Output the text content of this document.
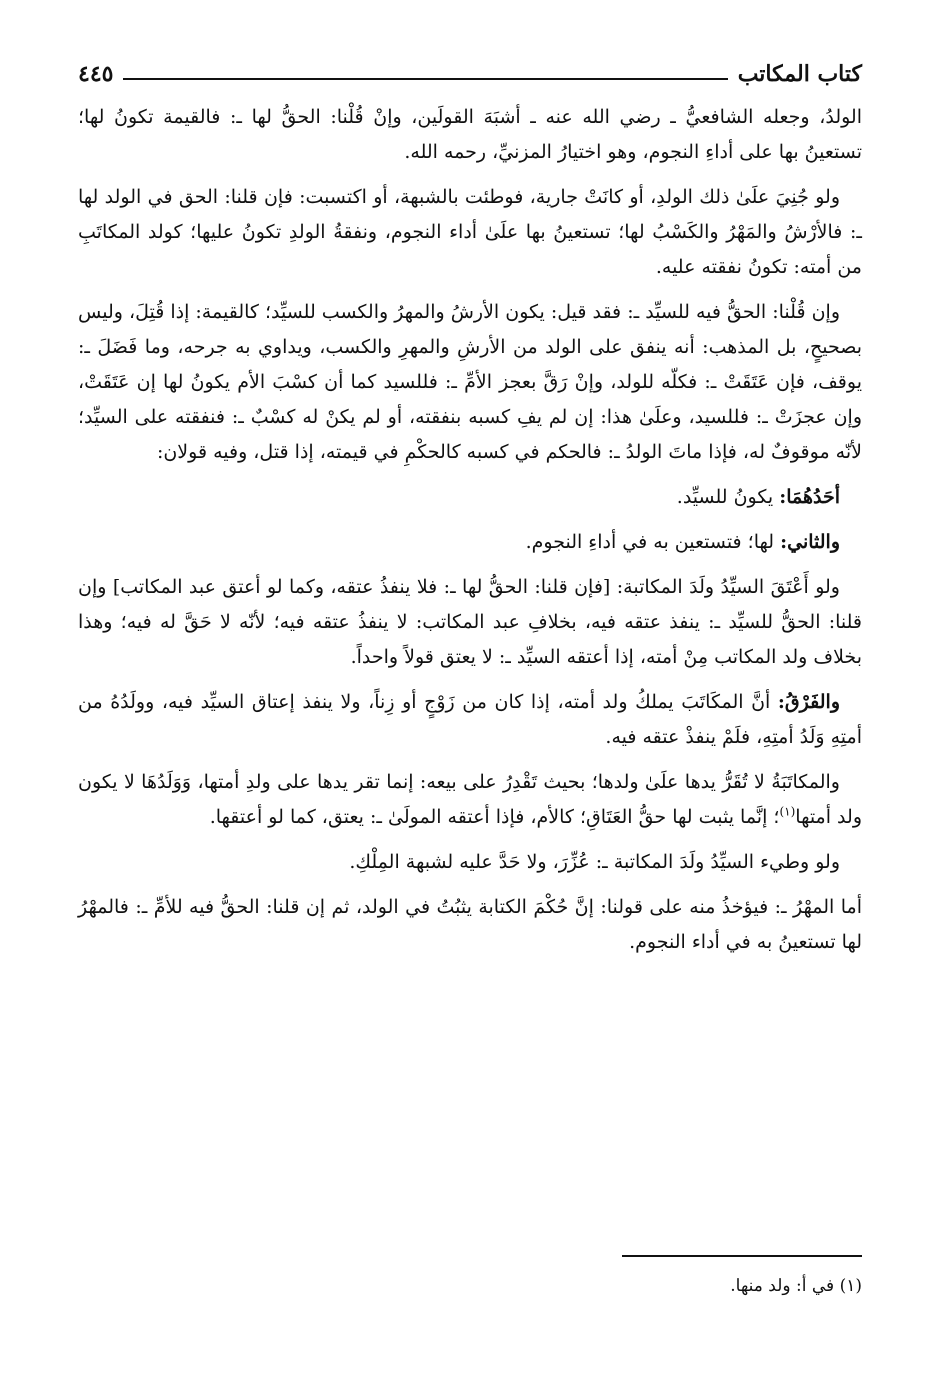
كتاب المكاتب
٤٤٥

الولدُ، وجعله الشافعيُّ ـ رضي الله عنه ـ أشبَهَ القولَين، وإنْ قُلْنا: الحقُّ لها ـ: فالقيمة تكونُ لها؛ تستعينُ بها على أداءِ النجوم، وهو اختيارُ المزنيِّ، رحمه الله.

ولو جُنِيَ علَىٰ ذلك الولدِ، أو كانَتْ جارية، فوطئت بالشبهة، أو اكتسبت: فإن قلنا: الحق في الولد لها ـ: فالأرْشُ والمَهْرُ والكَسْبُ لها؛ تستعينُ بها علَىٰ أداء النجوم، ونفقةُ الولدِ تكونُ عليها؛ كولد المكاتَبِ من أمته: تكونُ نفقته عليه.

وإن قُلْنا: الحقُّ فيه للسيِّد ـ: فقد قيل: يكون الأرشُ والمهرُ والكسب للسيِّد؛ كالقيمة: إذا قُتِلَ، وليس بصحيحٍ، بل المذهب: أنه ينفق على الولد من الأرشِ والمهرِ والكسب، ويداوي به جرحه، وما فَضَلَ ـ: يوقف، فإن عَتَقَتْ ـ: فكلّه للولد، وإنْ رَقَّ بعجز الأمِّ ـ: فللسيد كما أن كسْبَ الأم يكونُ لها إن عَتَقَتْ، وإن عجزَتْ ـ: فللسيد، وعلَىٰ هذا: إن لم يفِ كسبه بنفقته، أو لم يكنْ له كسْبٌ ـ: فنفقته على السيِّد؛ لأنّه موقوفٌ له، فإذا ماتَ الولدُ ـ: فالحكم في كسبه كالحكْمِ في قيمته، إذا قتل، وفيه قولان:

أحَدُهُمَا: يكونُ للسيِّد.

والثاني: لها؛ فتستعين به في أداءِ النجوم.

ولو أَعْتَقَ السيِّدُ ولَدَ المكاتبة: [فإن قلنا: الحقُّ لها ـ: فلا ينفذُ عتقه، وكما لو أعتق عبد المكاتب] وإن قلنا: الحقُّ للسيِّد ـ: ينفذ عتقه فيه، بخلافِ عبد المكاتب: لا ينفذُ عتقه فيه؛ لأنّه لا حَقَّ له فيه؛ وهذا بخلاف ولد المكاتب مِنْ أمته، إذا أعتقه السيِّد ـ: لا يعتق قولاً واحداً.

والفَرْقُ: أنَّ المكَاتَبَ يملكُ ولد أمته، إذا كان من زَوْجٍ أو زِناً، ولا ينفذ إعتاق السيِّد فيه، وولَدُهُ من أمتِهِ وَلَدُ أمتِهِ، فلَمْ ينفذْ عتقه فيه.

والمكاتَبَةُ لا تُقَرُّ يدها علَىٰ ولدها؛ بحيث تَقْدِرُ على بيعه: إنما تقر يدها على ولدِ أمتها، وَوَلَدُهَا لا يكون ولد أمتها$^{(١)}$؛ إنَّما يثبت لها حقُّ العَتَاقِ؛ كالأم، فإذا أعتقه المولَىٰ ـ: يعتق، كما لو أعتقها.

ولو وطيء السيِّدُ ولَدَ المكاتبة ـ: عُزِّرَ، ولا حَدَّ عليه لشبهة المِلْكِ.

أما المهْرُ ـ: فيؤخذُ منه على قولنا: إنَّ حُكْمَ الكتابة يثبُتُ في الولد، ثم إن قلنا: الحقُّ فيه للأمِّ ـ: فالمهْرُ لها تستعينُ به في أداء النجوم.

(١) في أ: ولد منها.
